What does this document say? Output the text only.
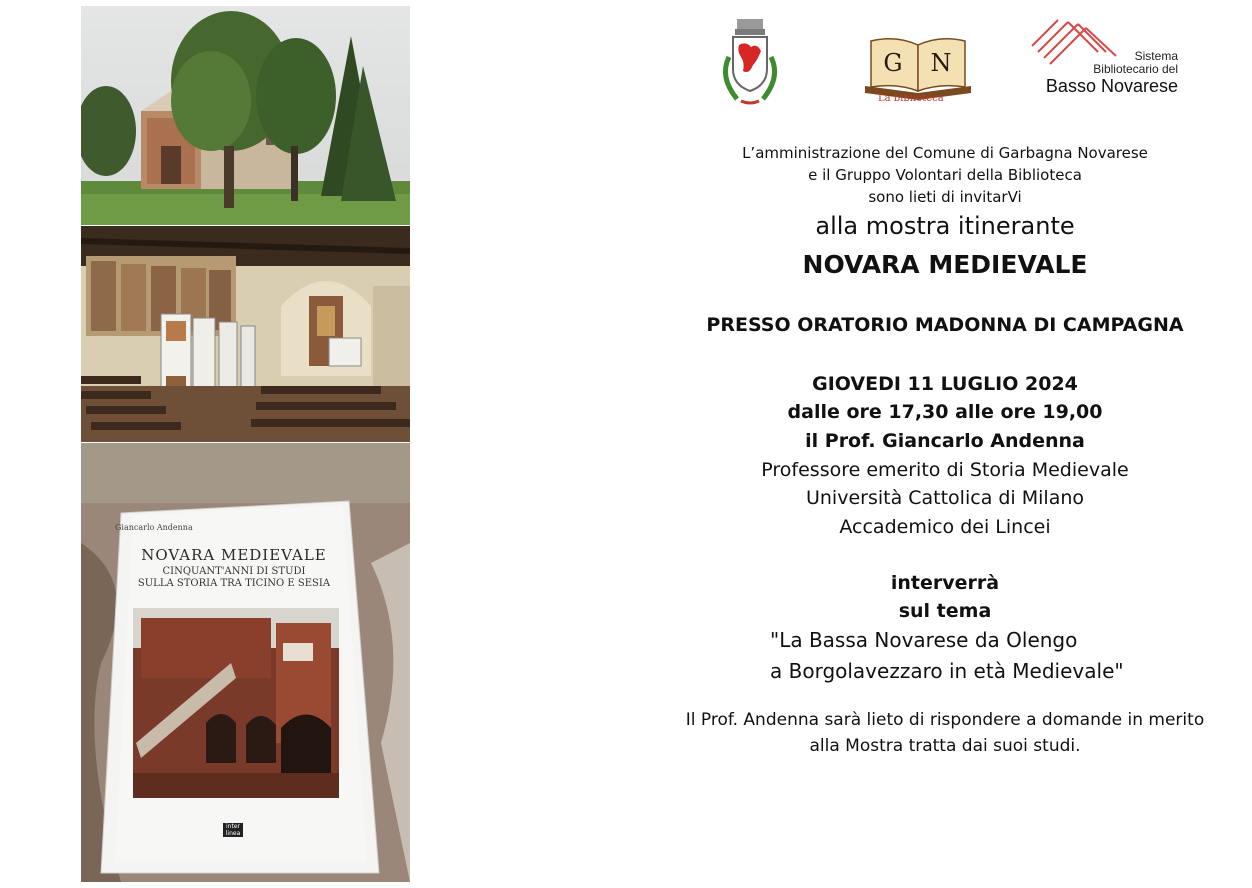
Giancarlo Andenna
NOVARA MEDIEVALE
CINQUANT'ANNI DI STUDI
SULLA STORIA TRA TICINO E SESIA
inter linea
G N
La biblioteca
Sistema
Bibliotecario del
Basso Novarese
L’amministrazione del Comune di Garbagna Novarese
e il Gruppo Volontari della Biblioteca
sono lieti di invitarVi
alla mostra itinerante
NOVARA MEDIEVALE
PRESSO ORATORIO MADONNA DI CAMPAGNA
GIOVEDI 11 LUGLIO 2024
dalle ore 17,30 alle ore 19,00
il Prof. Giancarlo Andenna
Professore emerito di Storia Medievale
Università Cattolica di Milano
Accademico dei Lincei
interverrà
sul tema
"La Bassa Novarese da Olengo
a Borgolavezzaro in età Medievale"
Il Prof. Andenna sarà lieto di rispondere a domande in merito
alla Mostra tratta dai suoi studi.
